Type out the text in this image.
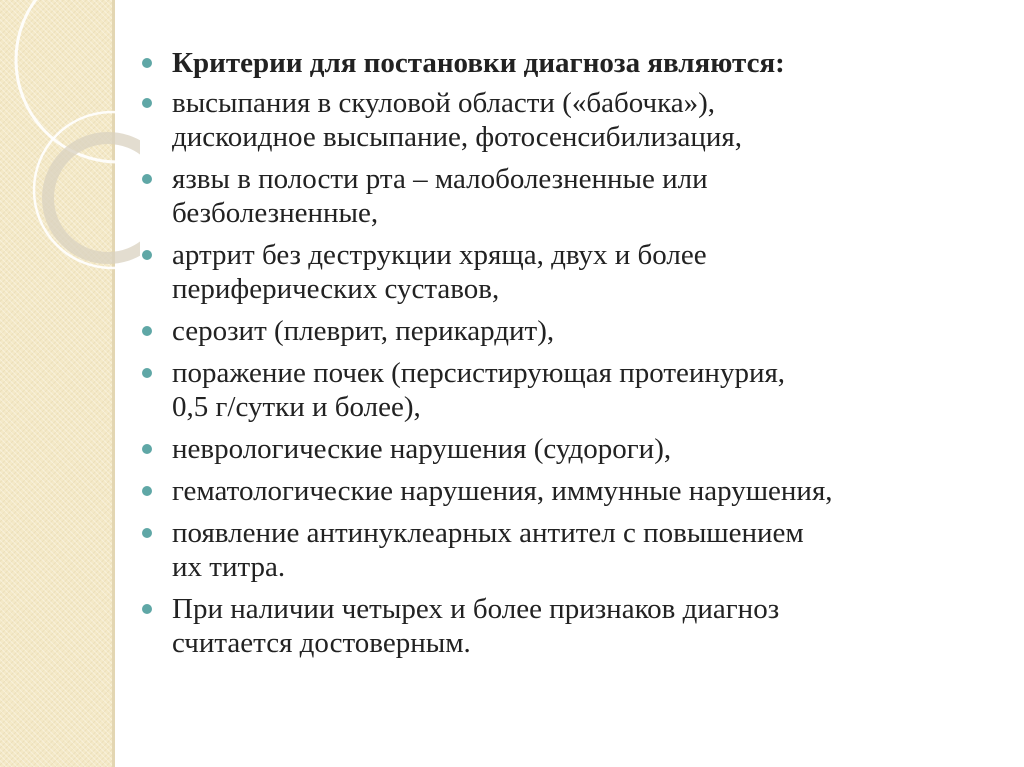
Критерии для постановки диагноза являются:
высыпания в скуловой области («бабочка»),
дискоидное высыпание, фотосенсибилизация,
язвы в полости рта – малоболезненные или
безболезненные,
артрит без деструкции хряща, двух и более
периферических суставов,
серозит (плеврит, перикардит),
поражение почек (персистирующая протеинурия,
0,5 г/сутки и более),
неврологические нарушения (судороги),
гематологические нарушения, иммунные нарушения,
появление антинуклеарных антител с повышением
их титра.
При наличии четырех и более признаков диагноз
считается достоверным.
